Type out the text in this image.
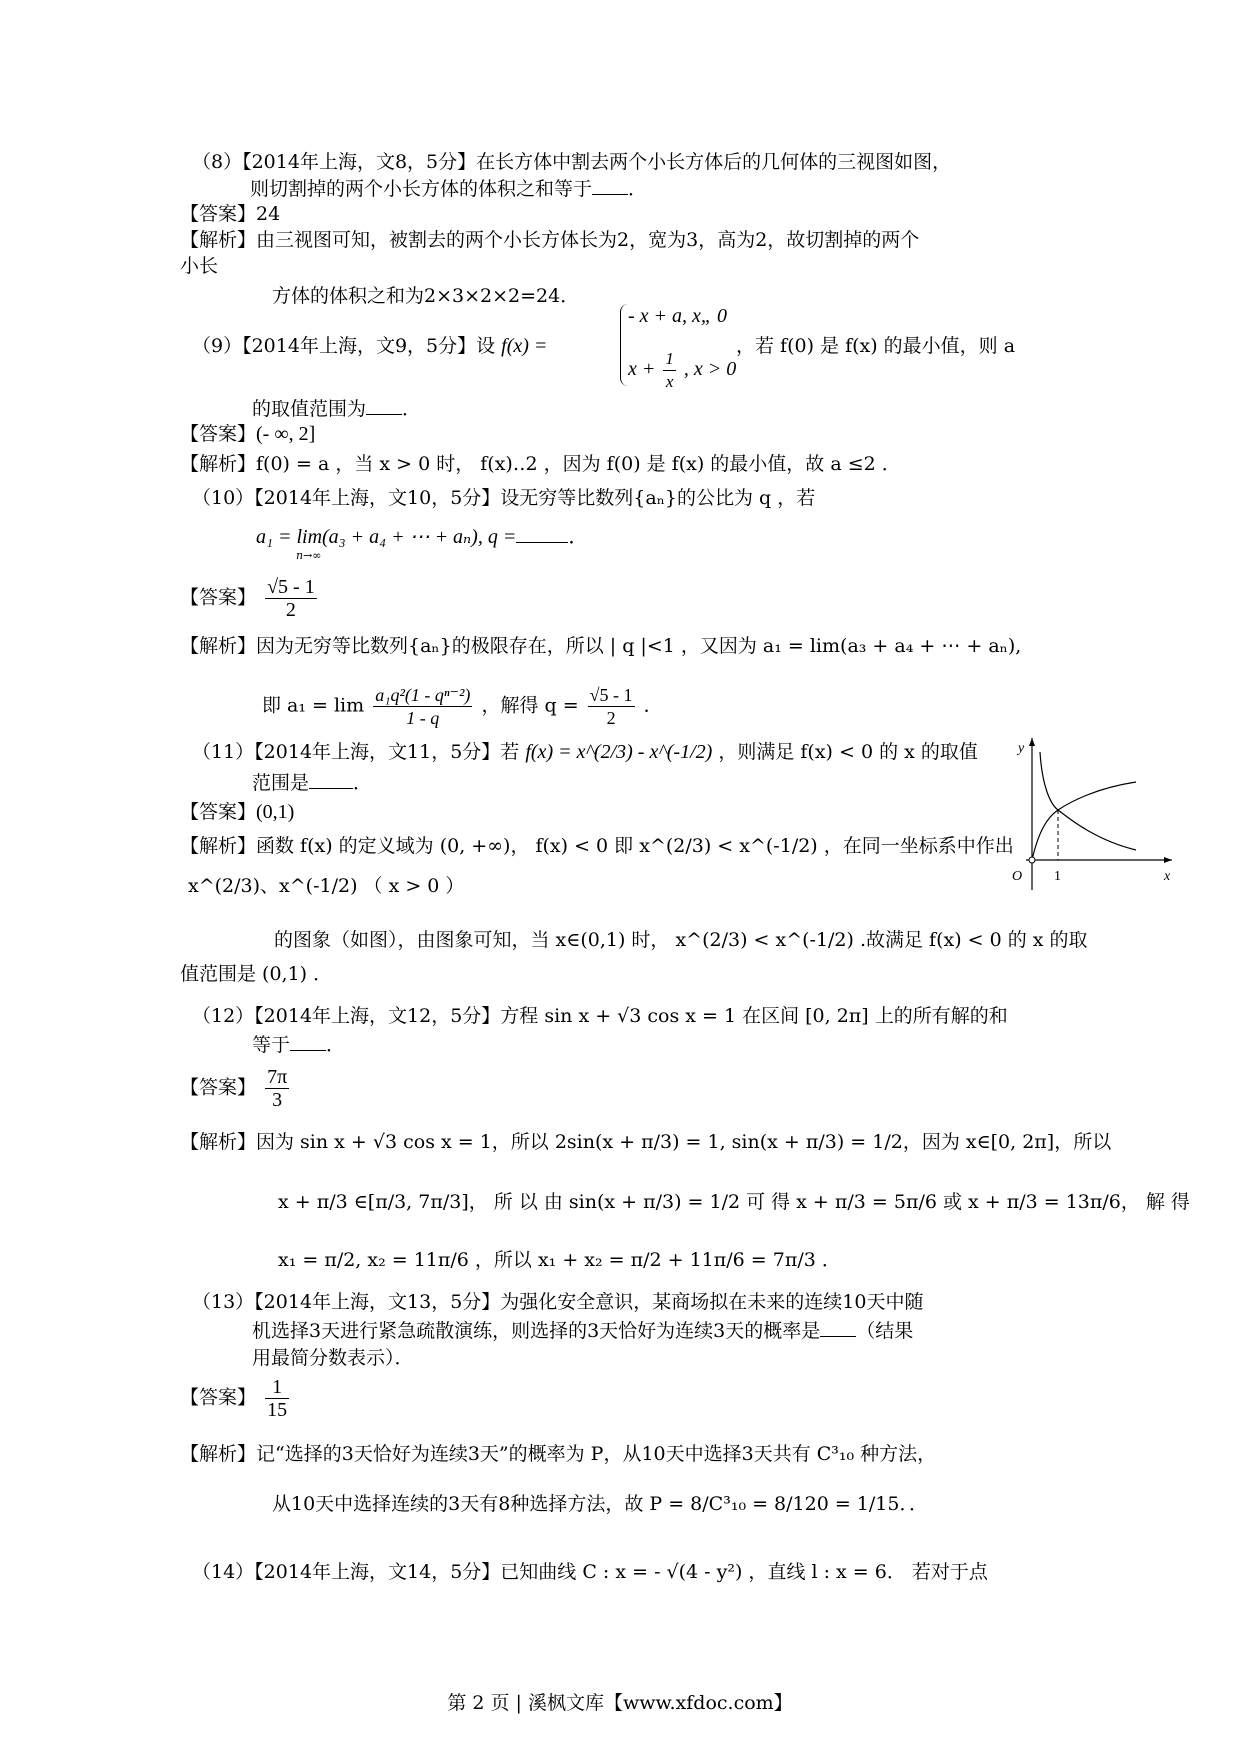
（8）【2014年上海，文8，5分】在长方体中割去两个小长方体后的几何体的三视图如图，
则切割掉的两个小长方体的体积之和等于 ．
【答案】24
【解析】由三视图可知，被割去的两个小长方体长为2，宽为3，高为2，故切割掉的两个
小长
方体的体积之和为2×3×2×2=24．
（9）【2014年上海，文9，5分】设 f(x) =
- x + a, x„ 0
$x + \frac{1}{x}$ , x > 0
，若 f(0) 是 f(x) 的最小值，则 a
的取值范围为 ．
【答案】(- ∞, 2]
【解析】f(0) = a ，当 x > 0 时， f(x)‥2 ，因为 f(0) 是 f(x) 的最小值，故 a ≤2 ．
（10）【2014年上海，文10，5分】设无穷等比数列{aₙ}的公比为 q ，若
a₁ = lim(a₃ + a₄ + ⋯ + aₙ), q =	．
n→∞
【答案】 $\frac{√5 - 1}{2}$
【解析】因为无穷等比数列{aₙ}的极限存在，所以 | q |<1 ，又因为 a₁ = lim(a₃ + a₄ + ⋯ + aₙ),
即 $a_1 = \lim \frac{\text{a₁q²(1 - qⁿ⁻²)}}{1 - q}$ ，解得 $q = \frac{√5 - 1}{2}$ ．
（11）【2014年上海，文11，5分】若 f(x) = x^(2/3) - x^(-1/2) ，则满足 f(x) < 0 的 x 的取值
范围是 ．
【答案】(0,1)
【解析】函数 f(x) 的定义域为 (0, +∞)， f(x) < 0 即 x^(2/3) < x^(-1/2) ，在同一坐标系中作出
x^(2/3)、x^(-1/2) （ x > 0 ）
的图象（如图），由图象可知，当 x∈(0,1) 时， x^(2/3) < x^(-1/2) .故满足 f(x) < 0 的 x 的取
值范围是 (0,1) ．
y
x
O 1
（12）【2014年上海，文12，5分】方程 sin x + √3 cos x = 1 在区间 [0, 2π] 上的所有解的和
等于 ．
【答案】 $\frac{7\pi}{3}$
【解析】因为 sin x + √3 cos x = 1，所以 2sin(x + π/3) = 1, sin(x + π/3) = 1/2，因为 x∈[0, 2π]，所以
x + π/3 ∈[π/3, 7π/3]， 所 以 由 sin(x + π/3) = 1/2 可 得 x + π/3 = 5π/6 或 x + π/3 = 13π/6， 解 得
x₁ = π/2, x₂ = 11π/6 ，所以 x₁ + x₂ = π/2 + 11π/6 = 7π/3 ．
（13）【2014年上海，文13，5分】为强化安全意识，某商场拟在未来的连续10天中随
机选择3天进行紧急疏散演练，则选择的3天恰好为连续3天的概率是 （结果
用最简分数表示）．
【答案】 $\frac{1}{15}$
【解析】记“选择的3天恰好为连续3天”的概率为 P，从10天中选择3天共有 C³₁₀ 种方法，
从10天中选择连续的3天有8种选择方法，故 P = 8/C³₁₀ = 8/120 = 1/15．．
（14）【2014年上海，文14，5分】已知曲线 C : x = - √(4 - y²) ，直线 l : x = 6． 若对于点
第 2 页 | 溪枫文库【www.xfdoc.com】
